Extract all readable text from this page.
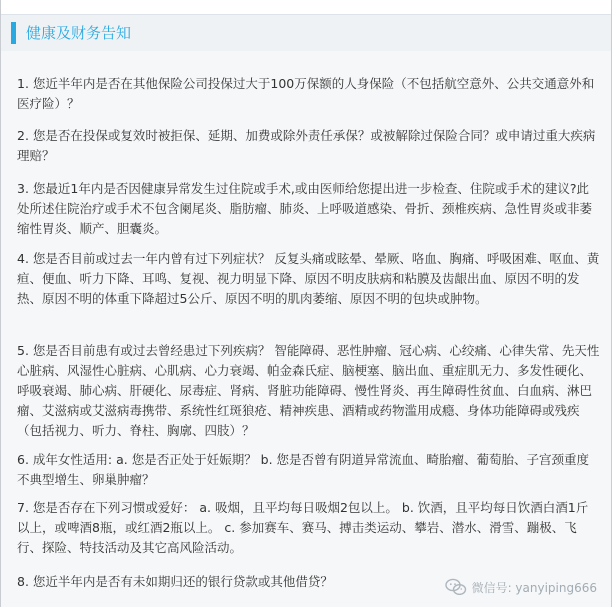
健康及财务告知

1. 您近半年内是否在其他保险公司投保过大于100万保额的人身保险（不包括航空意外、公共交通意外和医疗险）？

2. 您是否在投保或复效时被拒保、延期、加费或除外责任承保？或被解除过保险合同？或申请过重大疾病理赔？

3. 您最近1年内是否因健康异常发生过住院或手术,或由医师给您提出进一步检查、住院或手术的建议?此处所述住院治疗或手术不包含阑尾炎、脂肪瘤、肺炎、上呼吸道感染、骨折、颈椎疾病、急性胃炎或非萎缩性胃炎、顺产、胆囊炎。

4. 您是否目前或过去一年内曾有过下列症状？ 反复头痛或眩晕、晕厥、咯血、胸痛、呼吸困难、呕血、黄疸、便血、听力下降、耳鸣、复视、视力明显下降、原因不明皮肤病和粘膜及齿龈出血、原因不明的发热、原因不明的体重下降超过5公斤、原因不明的肌肉萎缩、原因不明的包块或肿物。

5. 您是否目前患有或过去曾经患过下列疾病？ 智能障碍、恶性肿瘤、冠心病、心绞痛、心律失常、先天性心脏病、风湿性心脏病、心肌病、心力衰竭、帕金森氏症、脑梗塞、脑出血、重症肌无力、多发性硬化、呼吸衰竭、肺心病、肝硬化、尿毒症、肾病、肾脏功能障碍、慢性肾炎、再生障碍性贫血、白血病、淋巴瘤、艾滋病或艾滋病毒携带、系统性红斑狼疮、精神疾患、酒精或药物滥用成瘾、身体功能障碍或残疾（包括视力、听力、脊柱、胸廓、四肢）？

6. 成年女性适用: a. 您是否正处于妊娠期？ b. 您是否曾有阴道异常流血、畸胎瘤、葡萄胎、子宫颈重度不典型增生、卵巢肿瘤？

7. 您是否存在下列习惯或爱好： a. 吸烟，且平均每日吸烟2包以上。 b. 饮酒，且平均每日饮酒白酒1斤以上，或啤酒8瓶，或红酒2瓶以上。 c. 参加赛车、赛马、搏击类运动、攀岩、潜水、滑雪、蹦极、飞行、探险、特技活动及其它高风险活动。

8. 您近半年内是否有未如期归还的银行贷款或其他借贷？	微信号: yanyiping666
